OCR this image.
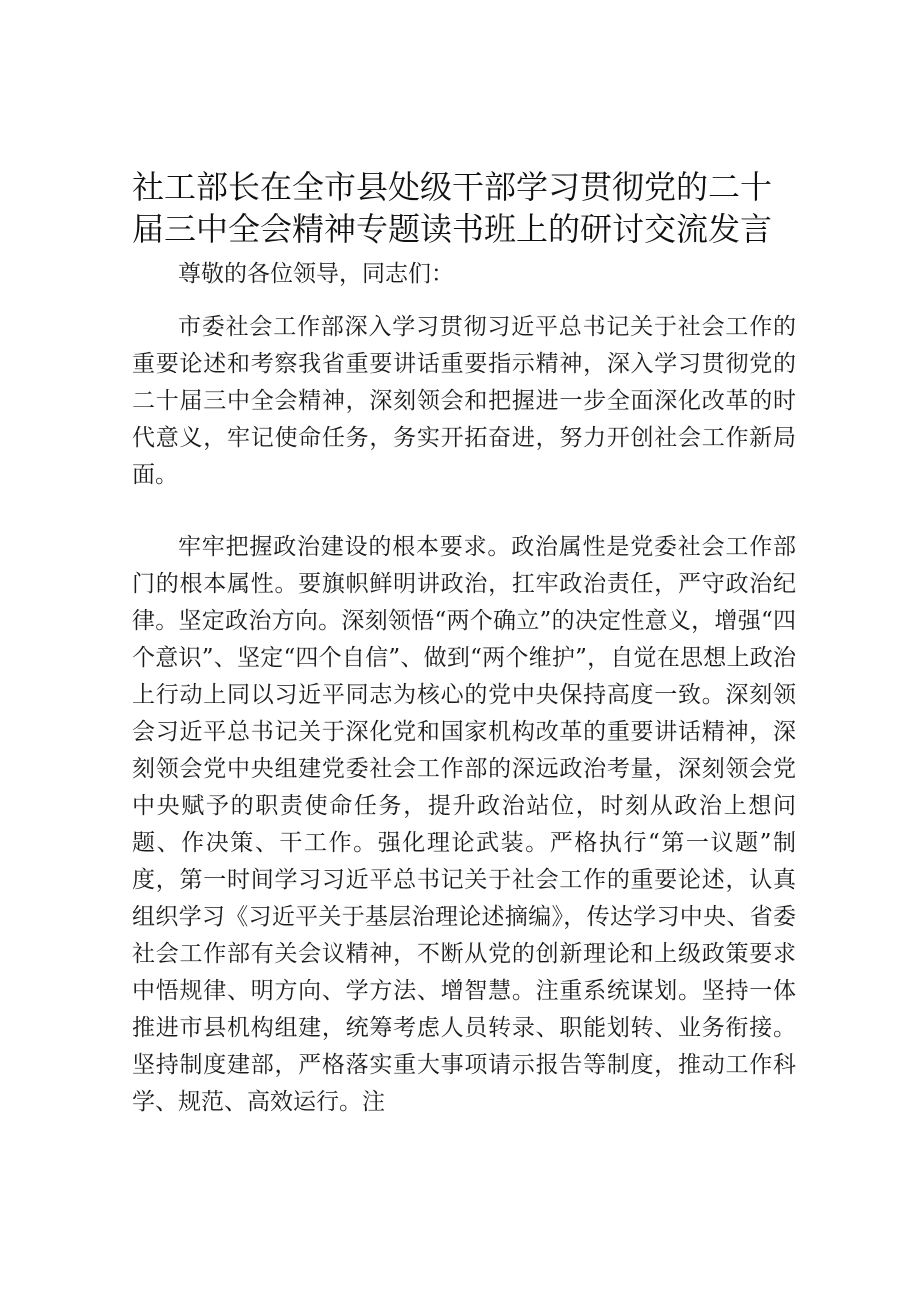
社工部长在全市县处级干部学习贯彻党的二十届三中全会精神专题读书班上的研讨交流发言

尊敬的各位领导，同志们：

市委社会工作部深入学习贯彻习近平总书记关于社会工作的重要论述和考察我省重要讲话重要指示精神，深入学习贯彻党的二十届三中全会精神，深刻领会和把握进一步全面深化改革的时代意义，牢记使命任务，务实开拓奋进，努力开创社会工作新局面。

牢牢把握政治建设的根本要求。政治属性是党委社会工作部门的根本属性。要旗帜鲜明讲政治，扛牢政治责任，严守政治纪律。坚定政治方向。深刻领悟“两个确立”的决定性意义，增强“四个意识”、坚定“四个自信”、做到“两个维护”，自觉在思想上政治上行动上同以习近平同志为核心的党中央保持高度一致。深刻领会习近平总书记关于深化党和国家机构改革的重要讲话精神，深刻领会党中央组建党委社会工作部的深远政治考量，深刻领会党中央赋予的职责使命任务，提升政治站位，时刻从政治上想问题、作决策、干工作。强化理论武装。严格执行“第一议题”制度，第一时间学习习近平总书记关于社会工作的重要论述，认真组织学习《习近平关于基层治理论述摘编》，传达学习中央、省委社会工作部有关会议精神，不断从党的创新理论和上级政策要求中悟规律、明方向、学方法、增智慧。注重系统谋划。坚持一体推进市县机构组建，统筹考虑人员转录、职能划转、业务衔接。坚持制度建部，严格落实重大事项请示报告等制度，推动工作科学、规范、高效运行。注
